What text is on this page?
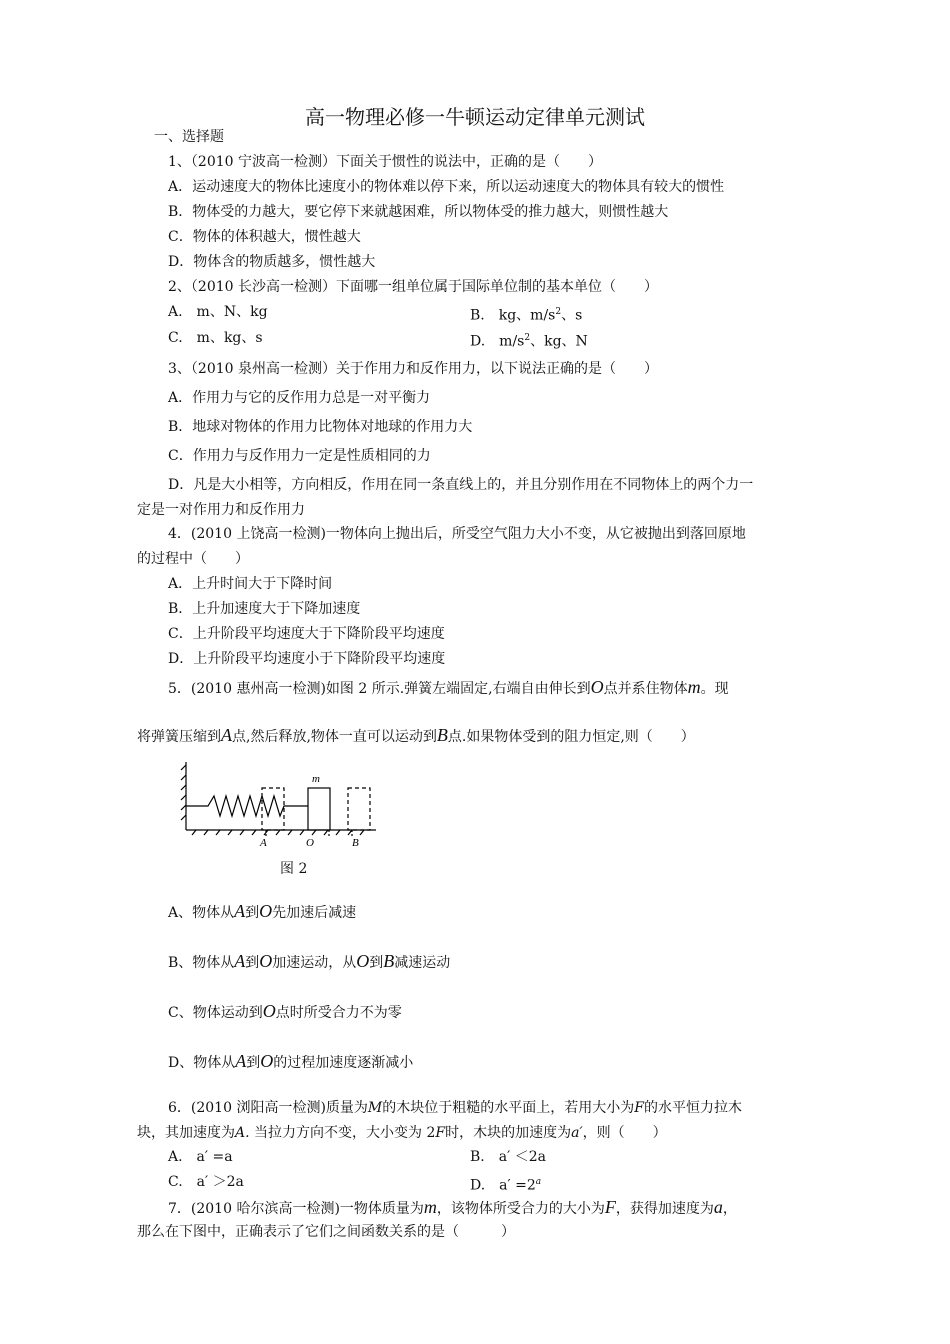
高一物理必修一牛顿运动定律单元测试
一、选择题
1、（2010 宁波高一检测）下面关于惯性的说法中，正确的是（　　）
A．运动速度大的物体比速度小的物体难以停下来，所以运动速度大的物体具有较大的惯性
B．物体受的力越大，要它停下来就越困难，所以物体受的推力越大，则惯性越大
C．物体的体积越大，惯性越大
D．物体含的物质越多，惯性越大
2、（2010 长沙高一检测）下面哪一组单位属于国际单位制的基本单位（　　）
A.　m、N、kg	B.　kg、$m/s^2$、s
C.　m、kg、s	D.　$m/s^2$、kg、N
3、（2010 泉州高一检测）关于作用力和反作用力，以下说法正确的是（　　）
A．作用力与它的反作用力总是一对平衡力
B．地球对物体的作用力比物体对地球的作用力大
C．作用力与反作用力一定是性质相同的力
D．凡是大小相等，方向相反，作用在同一条直线上的，并且分别作用在不同物体上的两个力一
定是一对作用力和反作用力
4．(2010 上饶高一检测)一物体向上抛出后，所受空气阻力大小不变，从它被抛出到落回原地
的过程中（　　）
A．上升时间大于下降时间
B．上升加速度大于下降加速度
C．上升阶段平均速度大于下降阶段平均速度
D．上升阶段平均速度小于下降阶段平均速度
5．(2010 惠州高一检测)如图 2 所示.弹簧左端固定,右端自由伸长到O点并系住物体m。现
将弹簧压缩到A点,然后释放,物体一直可以运动到B点.如果物体受到的阻力恒定,则（　　）
m
A	O	B
图 2
A、物体从A到O先加速后减速
B、物体从A到O加速运动，从O到B减速运动
C、物体运动到O点时所受合力不为零
D、物体从A到O的过程加速度逐渐减小
6．(2010 浏阳高一检测)质量为M的木块位于粗糙的水平面上，若用大小为F的水平恒力拉木
块，其加速度为A. 当拉力方向不变，大小变为 2F时，木块的加速度为a′，则（　　）
A.　a′ =a	B.　a′ ＜2a
C.　a′ ＞2a	D.　$a' =2^a$
7．(2010 哈尔滨高一检测)一物体质量为m，该物体所受合力的大小为F，获得加速度为a，
那么在下图中，正确表示了它们之间函数关系的是（　　　）
